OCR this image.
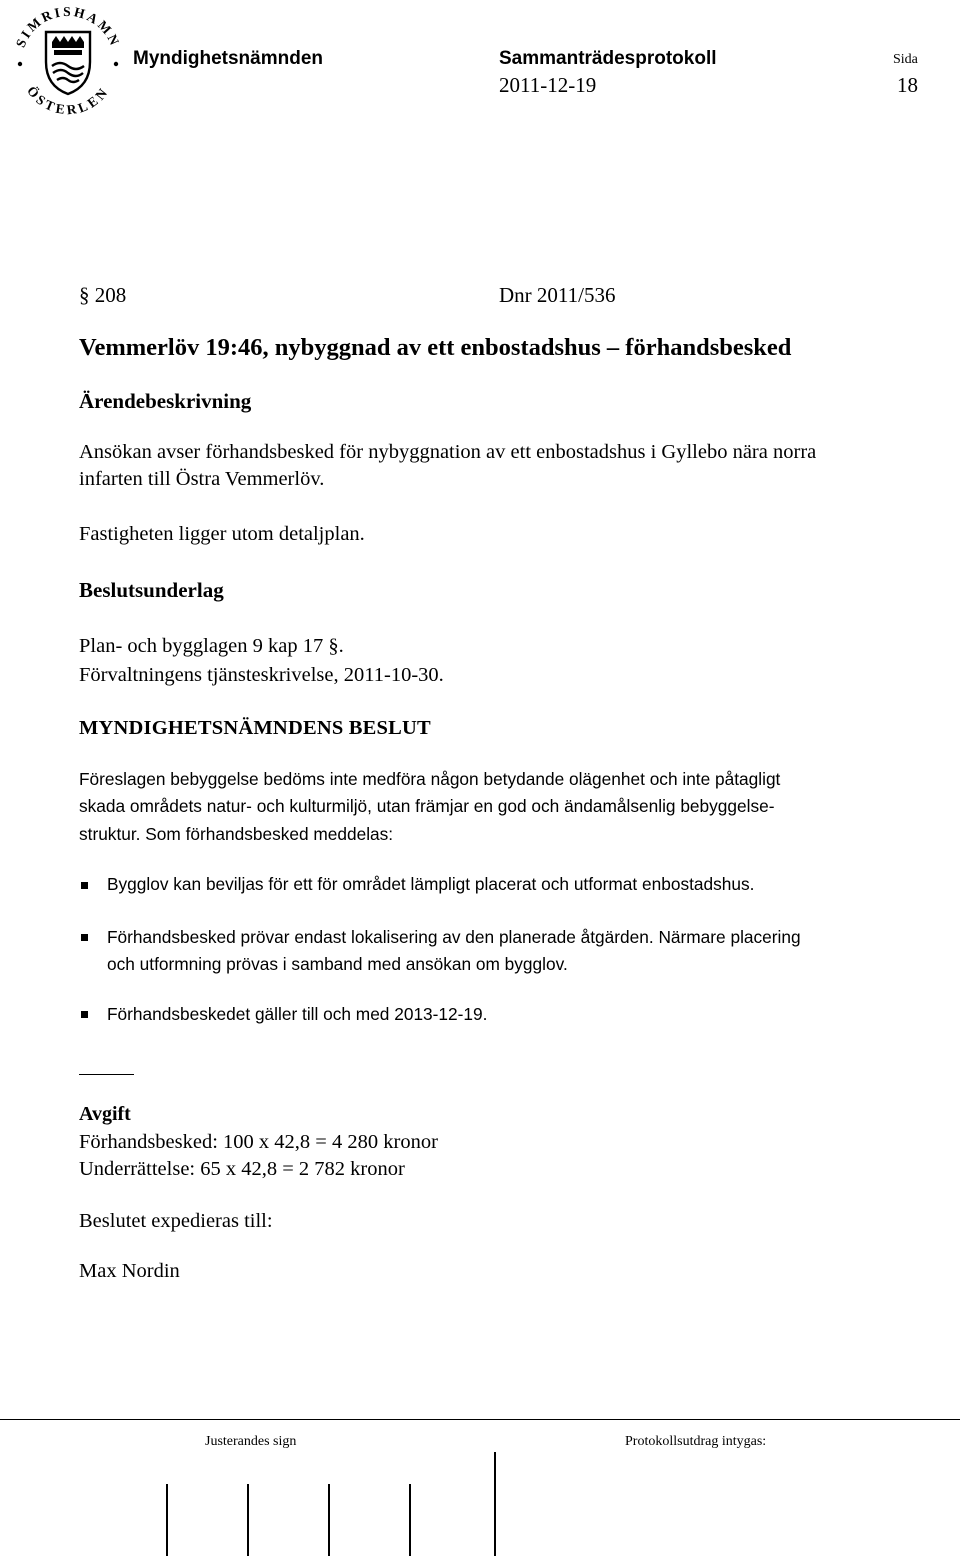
SIMRISHAMN
ÖSTERLEN
Myndighetsnämnden	Sammanträdesprotokoll
2011-12-19
Sida
18
§ 208	Dnr 2011/536
Vemmerlöv 19:46, nybyggnad av ett enbostadshus – förhandsbesked
Ärendebeskrivning
Ansökan avser förhandsbesked för nybyggnation av ett enbostadshus i Gyllebo nära norra
infarten till Östra Vemmerlöv.
Fastigheten ligger utom detaljplan.
Beslutsunderlag
Plan- och bygglagen 9 kap 17 §.
Förvaltningens tjänsteskrivelse, 2011-10-30.
MYNDIGHETSNÄMNDENS BESLUT
Föreslagen bebyggelse bedöms inte medföra någon betydande olägenhet och inte påtagligt
skada områdets natur- och kulturmiljö, utan främjar en god och ändamålsenlig bebyggelse-
struktur. Som förhandsbesked meddelas:
Bygglov kan beviljas för ett för området lämpligt placerat och utformat enbostadshus.
Förhandsbesked prövar endast lokalisering av den planerade åtgärden. Närmare placering
och utformning prövas i samband med ansökan om bygglov.
Förhandsbeskedet gäller till och med 2013-12-19.
Avgift
Förhandsbesked: 100 x 42,8 = 4 280 kronor
Underrättelse: 65 x 42,8 = 2 782 kronor
Beslutet expedieras till:
Max Nordin
Justerandes sign	Protokollsutdrag intygas:
